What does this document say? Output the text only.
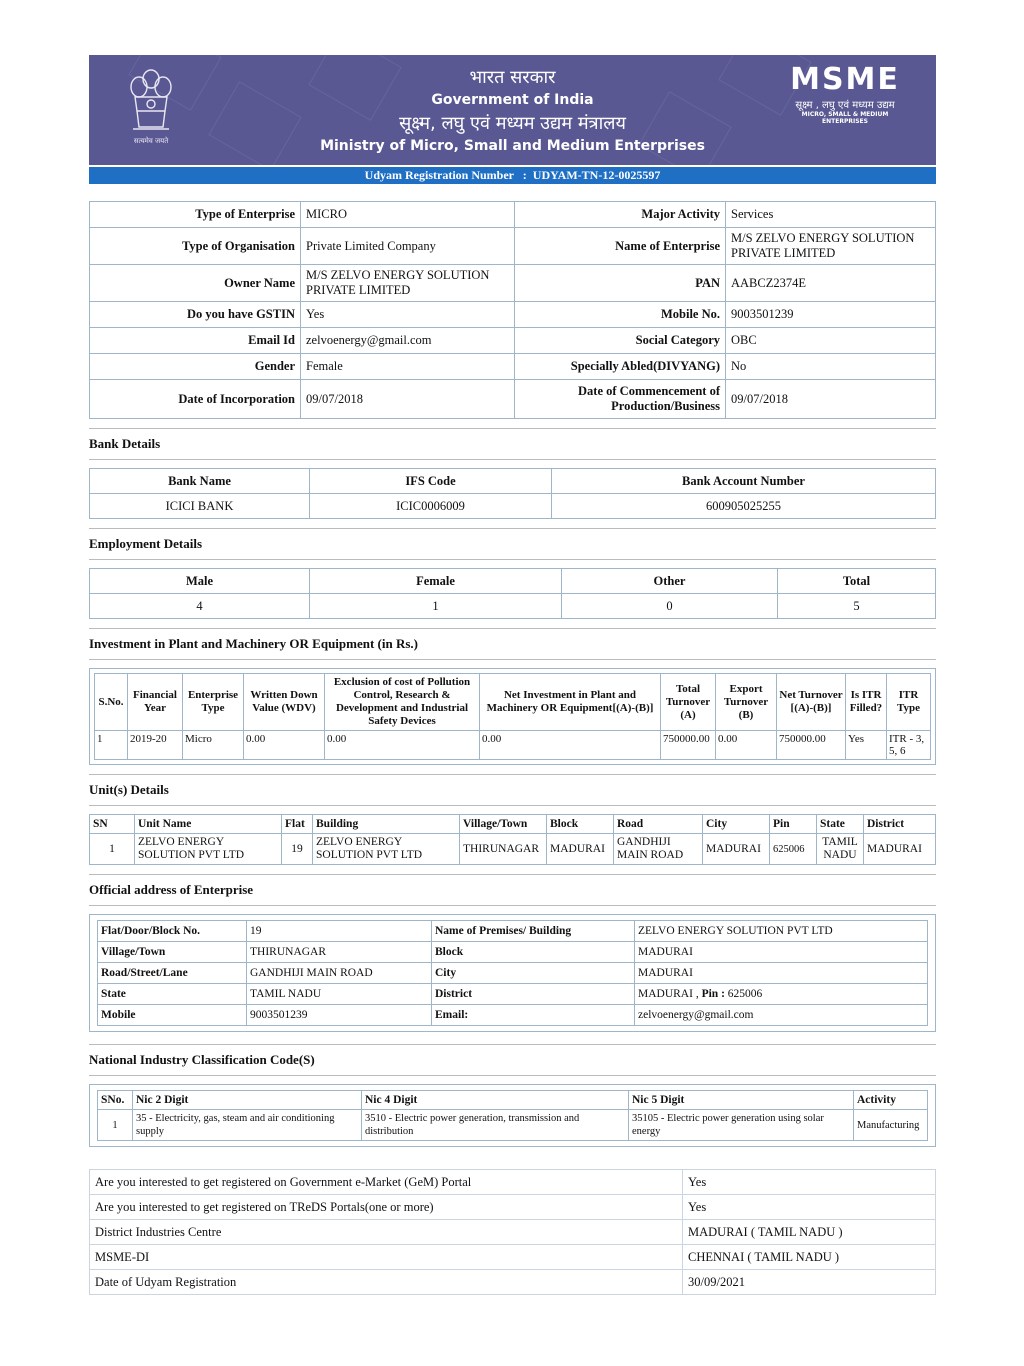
सत्यमेव जयते
भारत सरकार
Government of India
सूक्ष्म, लघु एवं मध्यम उद्यम मंत्रालय
Ministry of Micro, Small and Medium Enterprises
MSME
सूक्ष्म , लघु एवं मध्यम उद्यम
MICRO, SMALL & MEDIUM ENTERPRISES
Udyam Registration Number   :  UDYAM-TN-12-0025597
Type of Enterprise	MICRO	Major Activity	Services
Type of Organisation	Private Limited Company	Name of Enterprise	M/S ZELVO ENERGY SOLUTION PRIVATE LIMITED
Owner Name	M/S ZELVO ENERGY SOLUTION PRIVATE LIMITED	PAN	AABCZ2374E
Do you have GSTIN	Yes	Mobile No.	9003501239
Email Id	zelvoenergy@gmail.com	Social Category	OBC
Gender	Female	Specially Abled(DIVYANG)	No
Date of Incorporation	09/07/2018	Date of Commencement of Production/Business	09/07/2018
Bank Details
Bank Name	IFS Code	Bank Account Number
ICICI BANK	ICIC0006009	600905025255
Employment Details
Male	Female	Other	Total
4	1	0	5
Investment in Plant and Machinery OR Equipment (in Rs.)
S.No.	Financial Year	Enterprise Type	Written Down Value (WDV)	Exclusion of cost of Pollution Control, Research & Development and Industrial Safety Devices	Net Investment in Plant and Machinery OR Equipment[(A)-(B)]	Total Turnover (A)	Export Turnover (B)	Net Turnover [(A)-(B)]	Is ITR Filled?	ITR Type
1	2019-20	Micro	0.00	0.00	0.00	750000.00	0.00	750000.00	Yes	ITR - 3, 5, 6
Unit(s) Details
SN	Unit Name	Flat	Building	Village/Town	Block	Road	City	Pin	State	District
1	ZELVO ENERGY SOLUTION PVT LTD	19	ZELVO ENERGY SOLUTION PVT LTD	THIRUNAGAR	MADURAI	GANDHIJI MAIN ROAD	MADURAI	625006	TAMIL NADU	MADURAI
Official address of Enterprise
Flat/Door/Block No.	19	Name of Premises/ Building	ZELVO ENERGY SOLUTION PVT LTD
Village/Town	THIRUNAGAR	Block	MADURAI
Road/Street/Lane	GANDHIJI MAIN ROAD	City	MADURAI
State	TAMIL NADU	District	MADURAI , Pin : 625006
Mobile	9003501239	Email:	zelvoenergy@gmail.com
National Industry Classification Code(S)
SNo.	Nic 2 Digit	Nic 4 Digit	Nic 5 Digit	Activity
1	35 - Electricity, gas, steam and air conditioning supply	3510 - Electric power generation, transmission and distribution	35105 - Electric power generation using solar energy	Manufacturing
Are you interested to get registered on Government e-Market (GeM) Portal	Yes
Are you interested to get registered on TReDS Portals(one or more)	Yes
District Industries Centre	MADURAI ( TAMIL NADU )
MSME-DI	CHENNAI ( TAMIL NADU )
Date of Udyam Registration	30/09/2021
